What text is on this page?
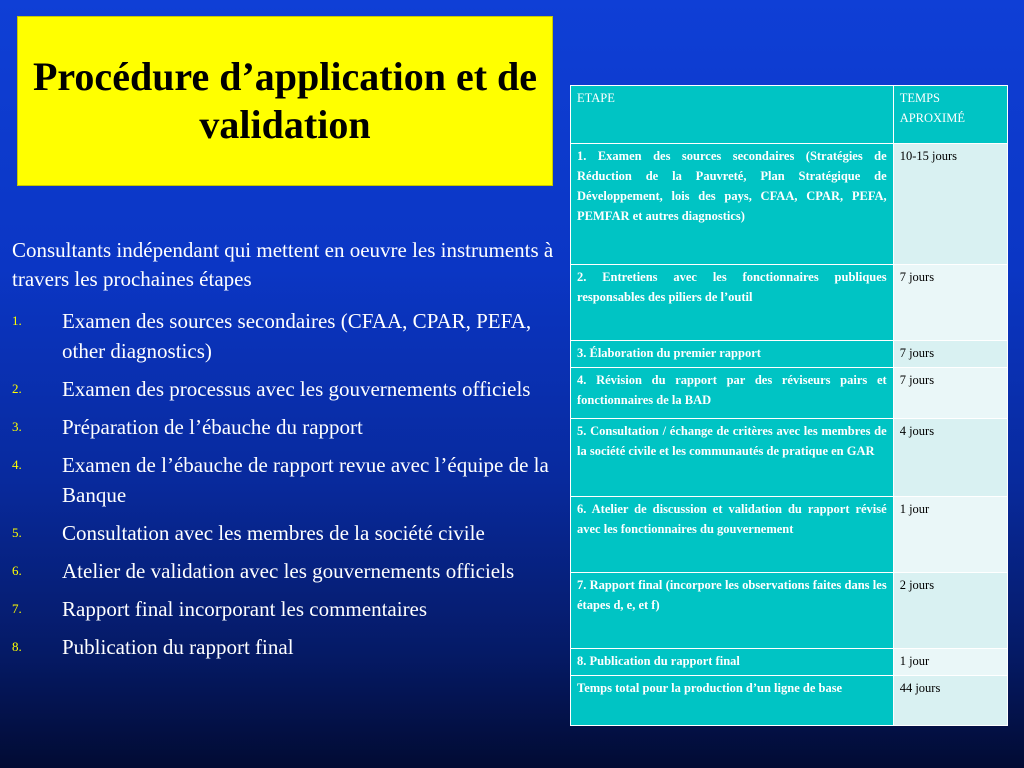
Procédure d’application et de validation
Consultants indépendant qui mettent en oeuvre les instruments à travers les prochaines étapes
1.	Examen des sources secondaires (CFAA, CPAR, PEFA, other diagnostics)
2.	Examen des processus avec les gouvernements officiels
3.	Préparation de l’ébauche du rapport
4.	Examen de l’ébauche de rapport revue avec l’équipe de la Banque
5.	Consultation avec les membres de la société civile
6.	Atelier de validation avec les gouvernements officiels
7.	Rapport final incorporant les commentaires
8.	Publication du rapport final
ETAPE	TEMPS APROXIMÉ
1. Examen des sources secondaires (Stratégies de Réduction de la Pauvreté, Plan Stratégique de Développement, lois des pays, CFAA, CPAR, PEFA, PEMFAR et autres diagnostics)	10-15 jours
2. Entretiens avec les fonctionnaires publiques responsables des piliers de l’outil	7 jours
3. Élaboration du premier rapport	7 jours
4. Révision du rapport par des réviseurs pairs et fonctionnaires de la BAD	7 jours
5. Consultation / échange de critères avec les membres de la société civile et les communautés de pratique en GAR	4 jours
6. Atelier de discussion et validation du rapport révisé avec les fonctionnaires du gouvernement	1 jour
7. Rapport final (incorpore les observations faites dans les étapes d, e, et f)	2 jours
8. Publication du rapport final	1 jour
Temps total pour la production d’un ligne de base	44 jours
